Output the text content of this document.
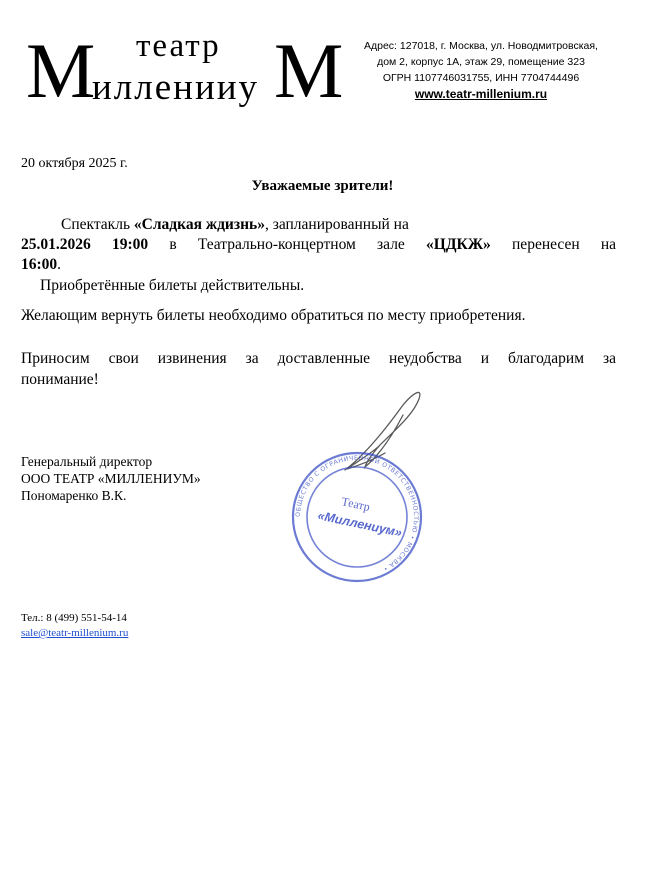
М театр
илленииу М	Адрес: 127018, г. Москва, ул. Новодмитровская,
дом 2, корпус 1А, этаж 29, помещение 323
ОГРН 1107746031755, ИНН 7704744496
www.teatr-millenium.ru
20 октября 2025 г.
Уважаемые зрители!
Спектакль «Сладкая ждизнь», запланированный на
25.01.2026 19:00 в Театрально-концертном зале «ЦДКЖ» перенесен на
16:00.
Приобретённые билеты действительны.
Желающим вернуть билеты необходимо обратиться по месту приобретения.
Приносим свои извинения за доставленные неудобства и благодарим за
понимание!
Генеральный директор
ООО ТЕАТР «МИЛЛЕНИУМ»
Пономаренко В.К.
ОБЩЕСТВО С ОГРАНИЧЕННОЙ ОТВЕТСТВЕННОСТЬЮ • МОСКВА •
Театр
«Миллениум»
Тел.: 8 (499) 551-54-14
sale@teatr-millenium.ru
